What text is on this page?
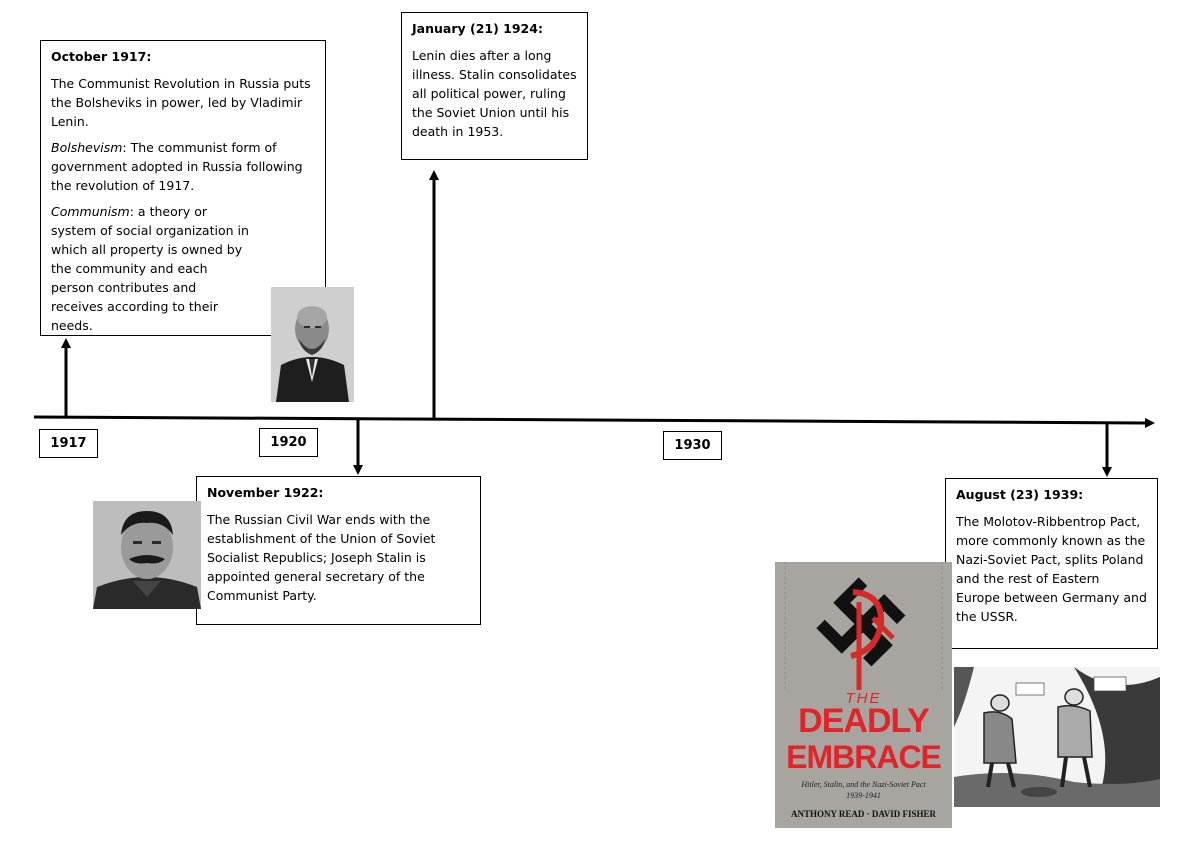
1917	1920	1930
October 1917:

The Communist Revolution in Russia puts the Bolsheviks in power, led by Vladimir Lenin.

Bolshevism: The communist form of government adopted in Russia following the revolution of 1917.

Communism: a theory or system of social organization in which all property is owned by the community and each person contributes and receives according to their needs.

January (21) 1924:

Lenin dies after a long illness. Stalin consolidates all political power, ruling the Soviet Union until his death in 1953.

November 1922:

The Russian Civil War ends with the establishment of the Union of Soviet Socialist Republics; Joseph Stalin is appointed general secretary of the Communist Party.

August (23) 1939:

The Molotov-Ribbentrop Pact, more commonly known as the Nazi-Soviet Pact, splits Poland and the rest of Eastern Europe between Germany and the USSR.

THE
DEADLY
EMBRACE
Hitler, Stalin, and the Nazi-Soviet Pact
1939-1941
ANTHONY READ · DAVID FISHER
